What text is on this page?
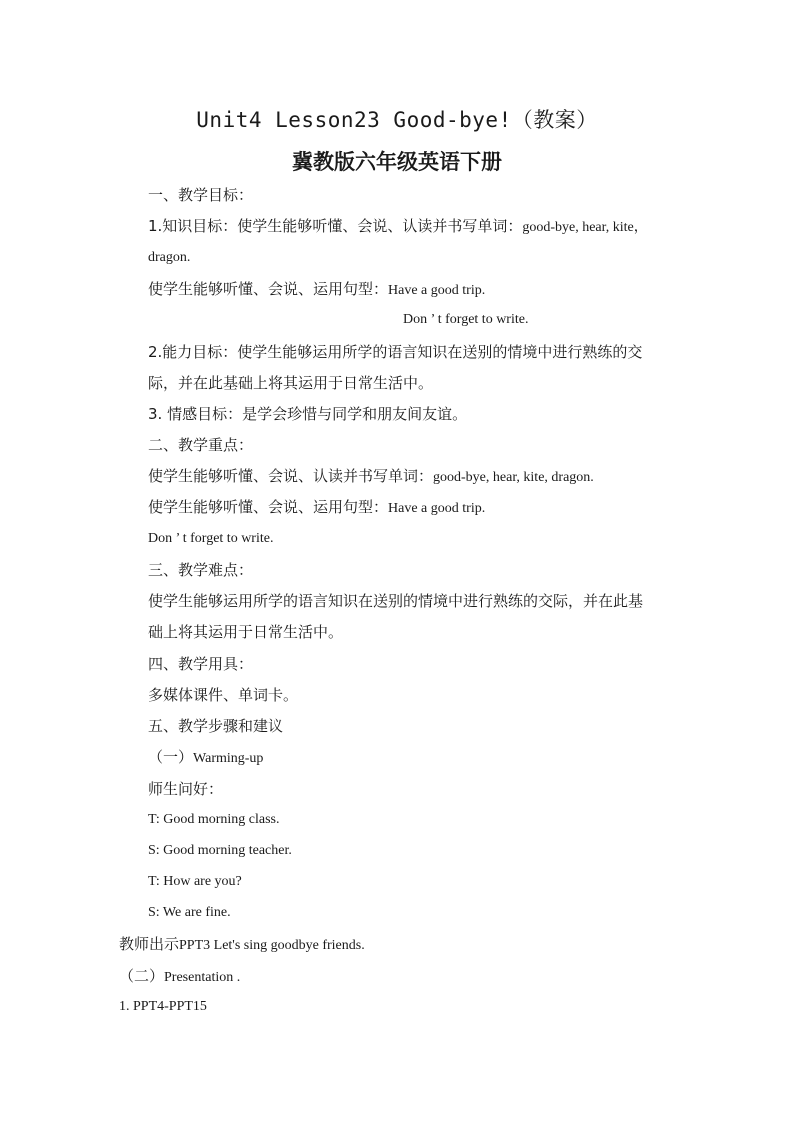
Unit4 Lesson23 Good-bye!（教案）
冀教版六年级英语下册
一、教学目标：
1.知识目标：使学生能够听懂、会说、认读并书写单词：good-bye, hear, kite，
dragon.
使学生能够听懂、会说、运用句型：Have a good trip.
Don ’ t forget to write.
2.能力目标：使学生能够运用所学的语言知识在送别的情境中进行熟练的交
际，并在此基础上将其运用于日常生活中。
3. 情感目标：是学会珍惜与同学和朋友间友谊。
二、教学重点：
使学生能够听懂、会说、认读并书写单词：good-bye, hear, kite, dragon.
使学生能够听懂、会说、运用句型：Have a good trip.
Don ’ t forget to write.
三、教学难点：
使学生能够运用所学的语言知识在送别的情境中进行熟练的交际，并在此基
础上将其运用于日常生活中。
四、教学用具：
多媒体课件、单词卡。
五、教学步骤和建议
（一）Warming-up
师生问好：
T: Good morning class.
S: Good morning teacher.
T: How are you?
S: We are fine.
教师出示PPT3 Let's sing goodbye friends.
（二）Presentation .
1. PPT4-PPT15
